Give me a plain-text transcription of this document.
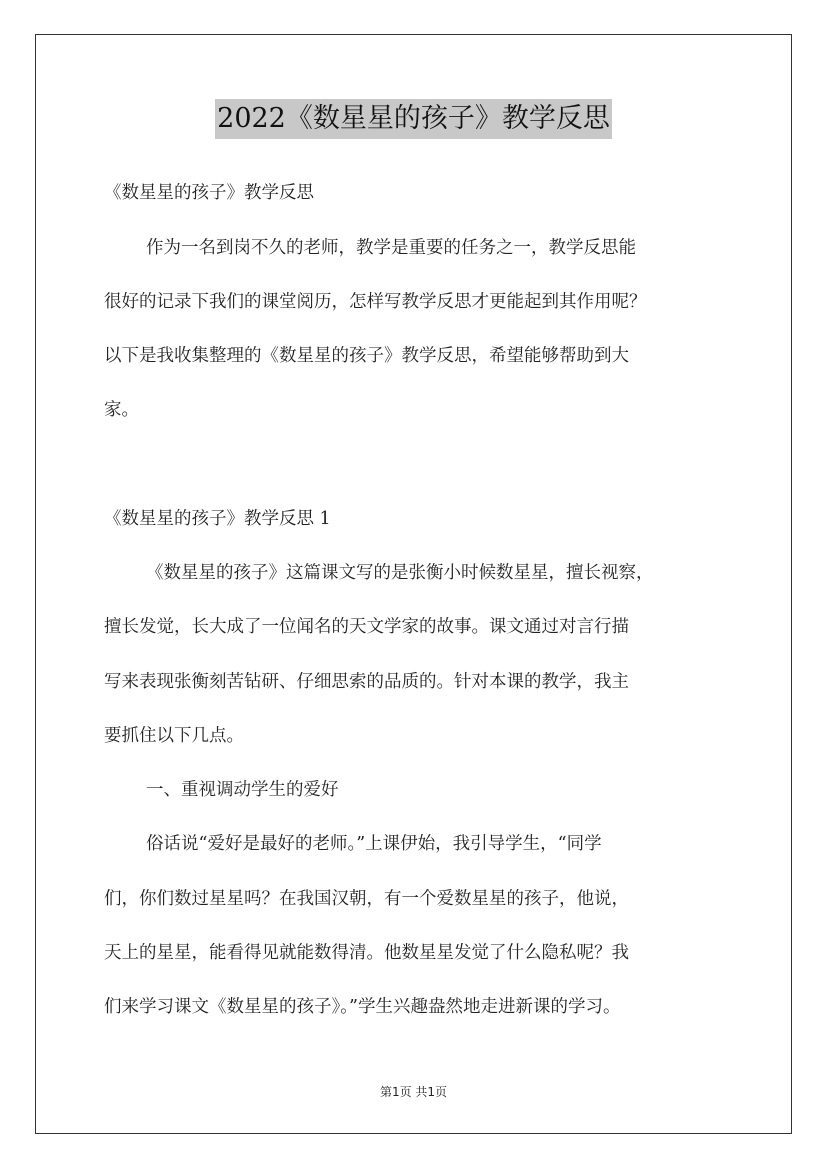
2022《数星星的孩子》教学反思
《数星星的孩子》教学反思
作为一名到岗不久的老师，教学是重要的任务之一，教学反思能
很好的记录下我们的课堂阅历，怎样写教学反思才更能起到其作用呢？
以下是我收集整理的《数星星的孩子》教学反思，希望能够帮助到大
家。
《数星星的孩子》教学反思 1
《数星星的孩子》这篇课文写的是张衡小时候数星星，擅长视察，
擅长发觉，长大成了一位闻名的天文学家的故事。课文通过对言行描
写来表现张衡刻苦钻研、仔细思索的品质的。针对本课的教学，我主
要抓住以下几点。
一、重视调动学生的爱好
俗话说“爱好是最好的老师。”上课伊始，我引导学生，“同学
们，你们数过星星吗？在我国汉朝，有一个爱数星星的孩子，他说，
天上的星星，能看得见就能数得清。他数星星发觉了什么隐私呢？我
们来学习课文《数星星的孩子》。”学生兴趣盎然地走进新课的学习。
第1页 共1页
